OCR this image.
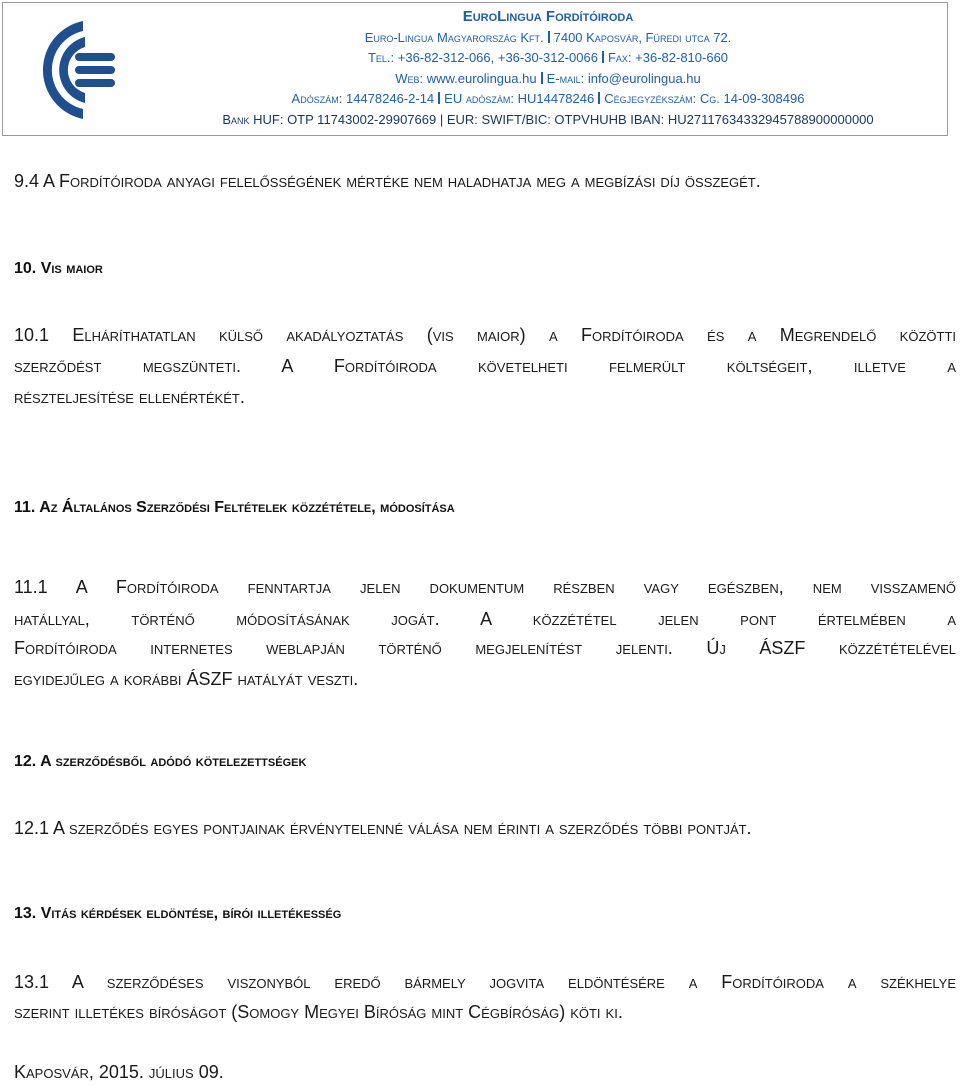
EuroLingua Fordítóiroda
Euro-Lingua Magyarország Kft. 7400 Kaposvár, Füredi utca 72.
Tel.: +36-82-312-066, +36-30-312-0066 Fax: +36-82-810-660
Web: www.eurolingua.hu E-mail: info@eurolingua.hu
Adószám: 14478246-2-14 EU adószám: HU14478246 Cégjegyzékszám: Cg. 14-09-308496
Bank HUF: OTP 11743002-29907669 | EUR: SWIFT/BIC: OTPVHUHB IBAN: HU27117634332945788900000000
9.4 A Fordítóiroda anyagi felelősségének mértéke nem haladhatja meg a megbízási díj összegét.
10. Vis maior
10.1 Elháríthatatlan külső akadályoztatás (vis maior) a Fordítóiroda és a Megrendelő közötti
szerződést megszünteti. A Fordítóiroda követelheti felmerült költségeit, illetve a
részteljesítése ellenértékét.
11. Az Általános Szerződési Feltételek közzététele, módosítása
11.1 A Fordítóiroda fenntartja jelen dokumentum részben vagy egészben, nem visszamenő
hatállyal, történő módosításának jogát. A közzététel jelen pont értelmében a
Fordítóiroda internetes weblapján történő megjelenítést jelenti. Új ÁSZF közzétételével
egyidejűleg a korábbi ÁSZF hatályát veszti.
12. A szerződésből adódó kötelezettségek
12.1 A szerződés egyes pontjainak érvénytelenné válása nem érinti a szerződés többi pontját.
13. Vitás kérdések eldöntése, bírói illetékesség
13.1 A szerződéses viszonyból eredő bármely jogvita eldöntésére a Fordítóiroda a székhelye
szerint illetékes bíróságot (Somogy Megyei Bíróság mint Cégbíróság) köti ki.
Kaposvár, 2015. július 09.
